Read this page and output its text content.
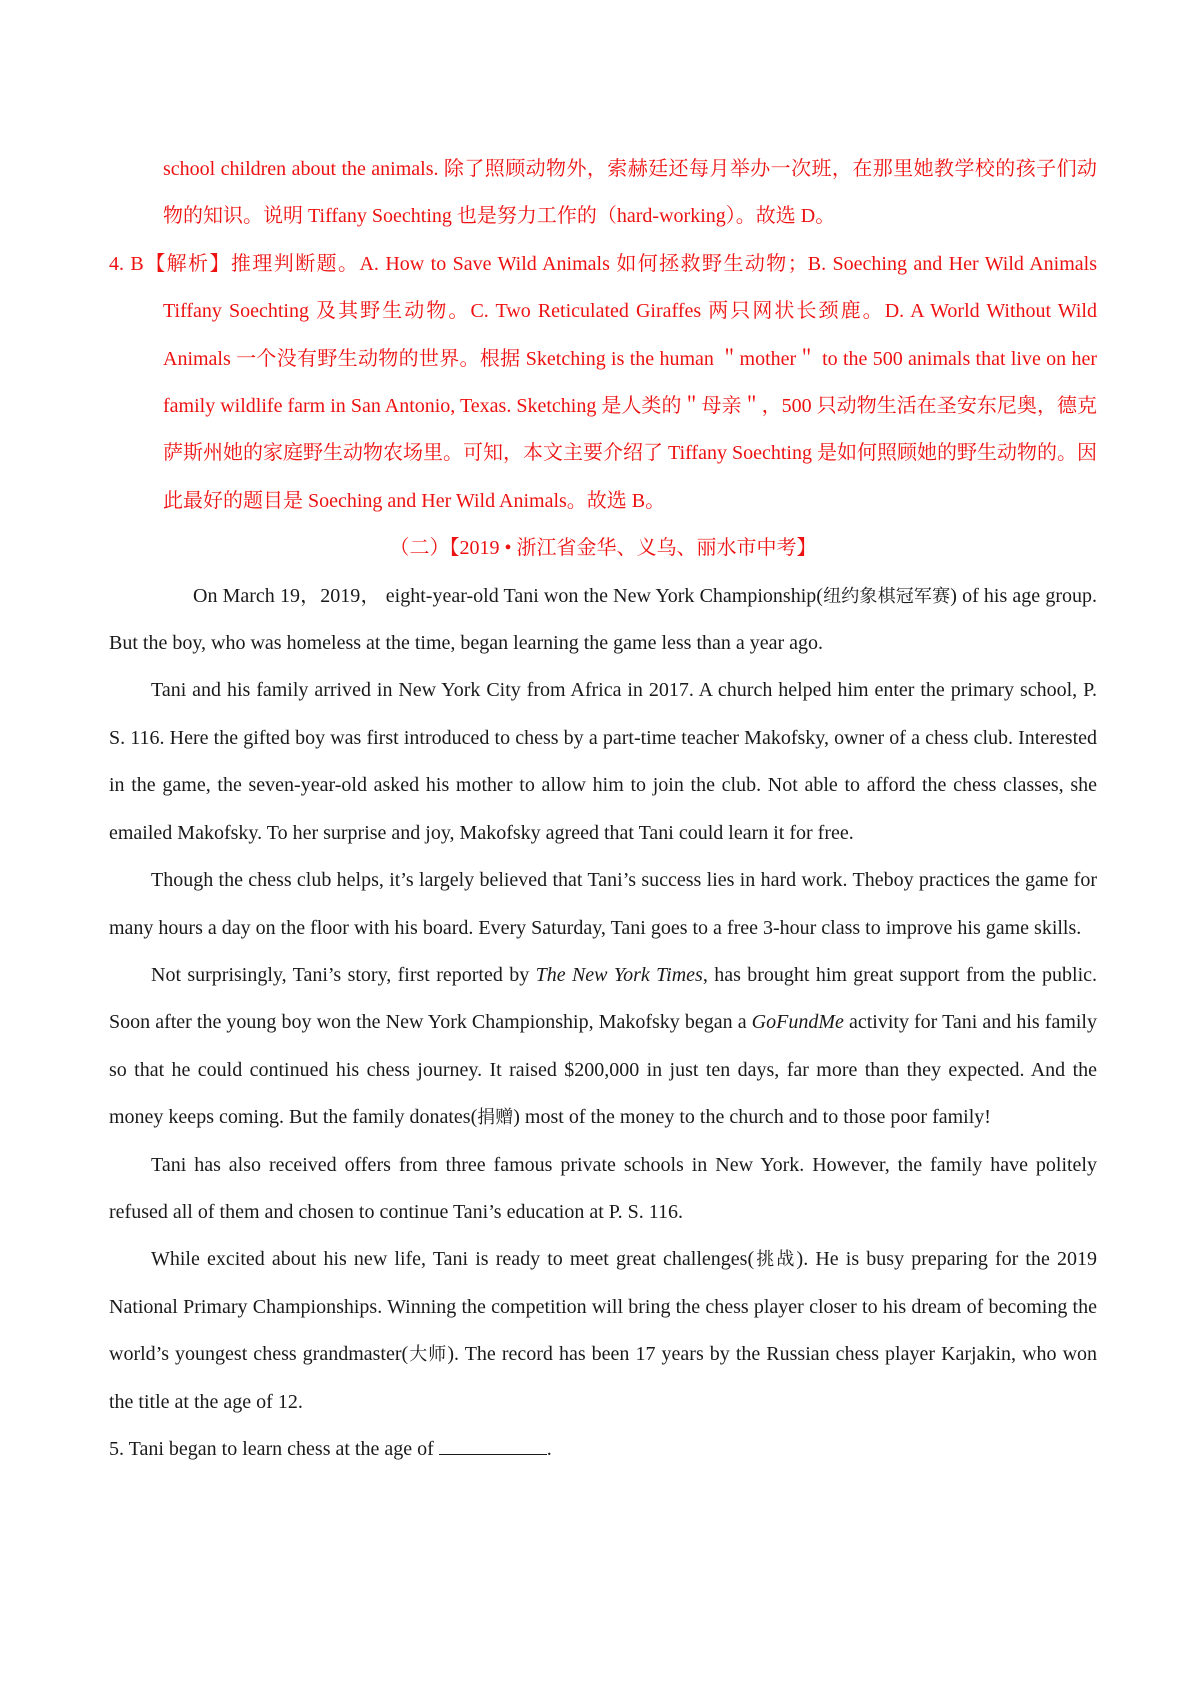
school children about the animals. 除了照顾动物外，索赫廷还每月举办一次班，在那里她教学校的孩子们动物的知识。说明 Tiffany Soechting 也是努力工作的（hard-working）。故选 D。

4. B【解析】推理判断题。A. How to Save Wild Animals 如何拯救野生动物；B. Soeching and Her Wild Animals Tiffany Soechting 及其野生动物。C. Two Reticulated Giraffes 两只网状长颈鹿。D. A World Without Wild Animals 一个没有野生动物的世界。根据 Sketching is the human ＂mother＂ to the 500 animals that live on her family wildlife farm in San Antonio, Texas. Sketching 是人类的＂母亲＂，500 只动物生活在圣安东尼奥，德克萨斯州她的家庭野生动物农场里。可知，本文主要介绍了 Tiffany Soechting 是如何照顾她的野生动物的。因此最好的题目是 Soeching and Her Wild Animals。故选 B。

（二）【2019 • 浙江省金华、义乌、丽水市中考】

On March 19，2019， eight-year-old Tani won the New York Championship(纽约象棋冠军赛) of his age group. But the boy, who was homeless at the time, began learning the game less than a year ago.

Tani and his family arrived in New York City from Africa in 2017. A church helped him enter the primary school, P. S. 116. Here the gifted boy was first introduced to chess by a part-time teacher Makofsky, owner of a chess club. Interested in the game, the seven-year-old asked his mother to allow him to join the club. Not able to afford the chess classes, she emailed Makofsky. To her surprise and joy, Makofsky agreed that Tani could learn it for free.

Though the chess club helps, it’s largely believed that Tani’s success lies in hard work. Theboy practices the game for many hours a day on the floor with his board. Every Saturday, Tani goes to a free 3-hour class to improve his game skills.

Not surprisingly, Tani’s story, first reported by The New York Times, has brought him great support from the public. Soon after the young boy won the New York Championship, Makofsky began a GoFundMe activity for Tani and his family so that he could continued his chess journey. It raised $200,000 in just ten days, far more than they expected. And the money keeps coming. But the family donates(捐赠) most of the money to the church and to those poor family!

Tani has also received offers from three famous private schools in New York. However, the family have politely refused all of them and chosen to continue Tani’s education at P. S. 116.

While excited about his new life, Tani is ready to meet great challenges(挑战). He is busy preparing for the 2019 National Primary Championships. Winning the competition will bring the chess player closer to his dream of becoming the world’s youngest chess grandmaster(大师). The record has been 17 years by the Russian chess player Karjakin, who won the title at the age of 12.

5. Tani began to learn chess at the age of	.
